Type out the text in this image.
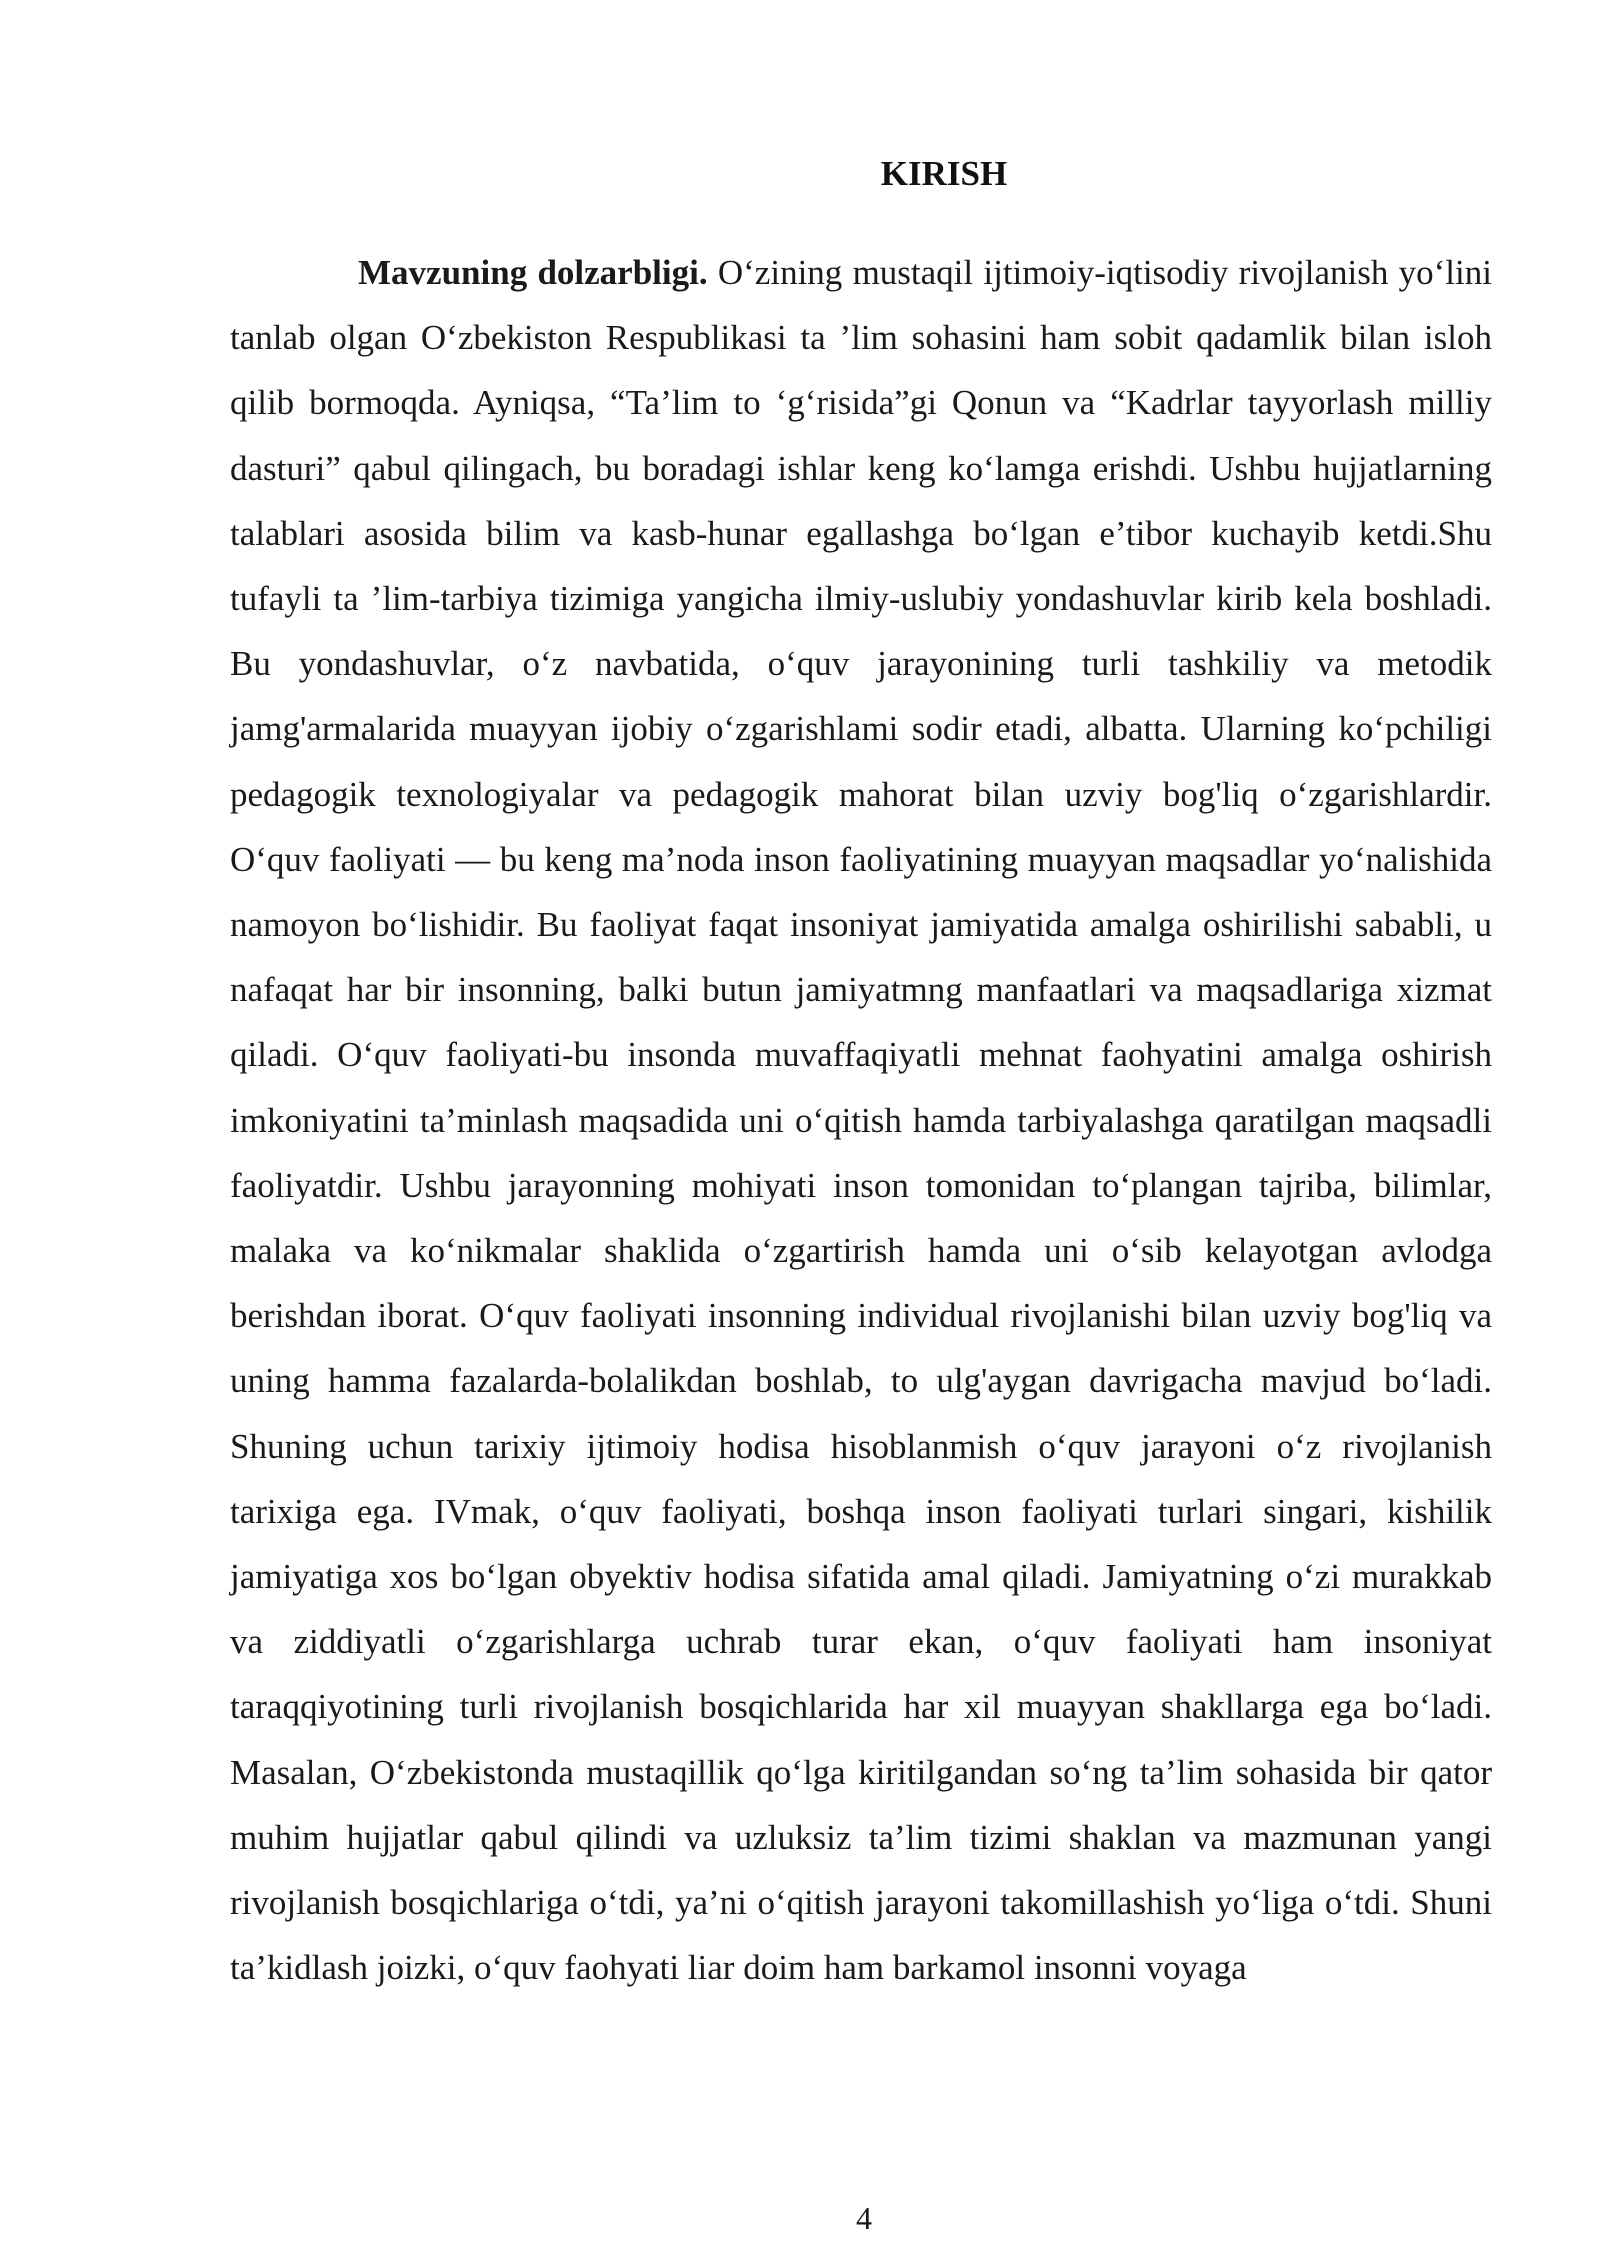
KIRISH

Mavzuning dolzarbligi. O‘zining mustaqil ijtimoiy-iqtisodiy rivojlanish yo‘lini tanlab olgan O‘zbekiston Respublikasi ta ’lim sohasini ham sobit qadamlik bilan isloh qilib bormoqda. Ayniqsa, “Ta’lim to ‘g‘risida”gi Qonun va “Kadrlar tayyorlash milliy dasturi” qabul qilingach, bu boradagi ishlar keng ko‘lamga erishdi. Ushbu hujjatlarning talablari asosida bilim va kasb-hunar egallashga bo‘lgan e’tibor kuchayib ketdi.Shu tufayli ta ’lim-tarbiya tizimiga yangicha ilmiy-uslubiy yondashuvlar kirib kela boshladi. Bu yondashuvlar, o‘z navbatida, o‘quv jarayonining turli tashkiliy va metodik jamg'armalarida muayyan ijobiy o‘zgarishlami sodir etadi, albatta. Ularning ko‘pchiligi pedagogik texnologiyalar va pedagogik mahorat bilan uzviy bog'liq o‘zgarishlardir. O‘quv faoliyati — bu keng ma’noda inson faoliyatining muayyan maqsadlar yo‘nalishida namoyon bo‘lishidir. Bu faoliyat faqat insoniyat jamiyatida amalga oshirilishi sababli, u nafaqat har bir insonning, balki butun jamiyatmng manfaatlari va maqsadlariga xizmat qiladi. O‘quv faoliyati-bu insonda muvaffaqiyatli mehnat faohyatini amalga oshirish imkoniyatini ta’minlash maqsadida uni o‘qitish hamda tarbiyalashga qaratilgan maqsadli faoliyatdir. Ushbu jarayonning mohiyati inson tomonidan to‘plangan tajriba, bilimlar, malaka va ko‘nikmalar shaklida o‘zgartirish hamda uni o‘sib kelayotgan avlodga berishdan iborat. O‘quv faoliyati insonning individual rivojlanishi bilan uzviy bog'liq va uning hamma fazalarda-bolalikdan boshlab, to ulg'aygan davrigacha mavjud bo‘ladi. Shuning uchun tarixiy ijtimoiy hodisa hisoblanmish o‘quv jarayoni o‘z rivojlanish tarixiga ega. IVmak, o‘quv faoliyati, boshqa inson faoliyati turlari singari, kishilik jamiyatiga xos bo‘lgan obyektiv hodisa sifatida amal qiladi. Jamiyatning o‘zi murakkab va ziddiyatli o‘zgarishlarga uchrab turar ekan, o‘quv faoliyati ham insoniyat taraqqiyotining turli rivojlanish bosqichlarida har xil muayyan shakllarga ega bo‘ladi. Masalan, O‘zbekistonda mustaqillik qo‘lga kiritilgandan so‘ng ta’lim sohasida bir qator muhim hujjatlar qabul qilindi va uzluksiz ta’lim tizimi shaklan va mazmunan yangi rivojlanish bosqichlariga o‘tdi, ya’ni o‘qitish jarayoni takomillashish yo‘liga o‘tdi. Shuni ta’kidlash joizki, o‘quv faohyati liar doim ham barkamol insonni voyaga

4
